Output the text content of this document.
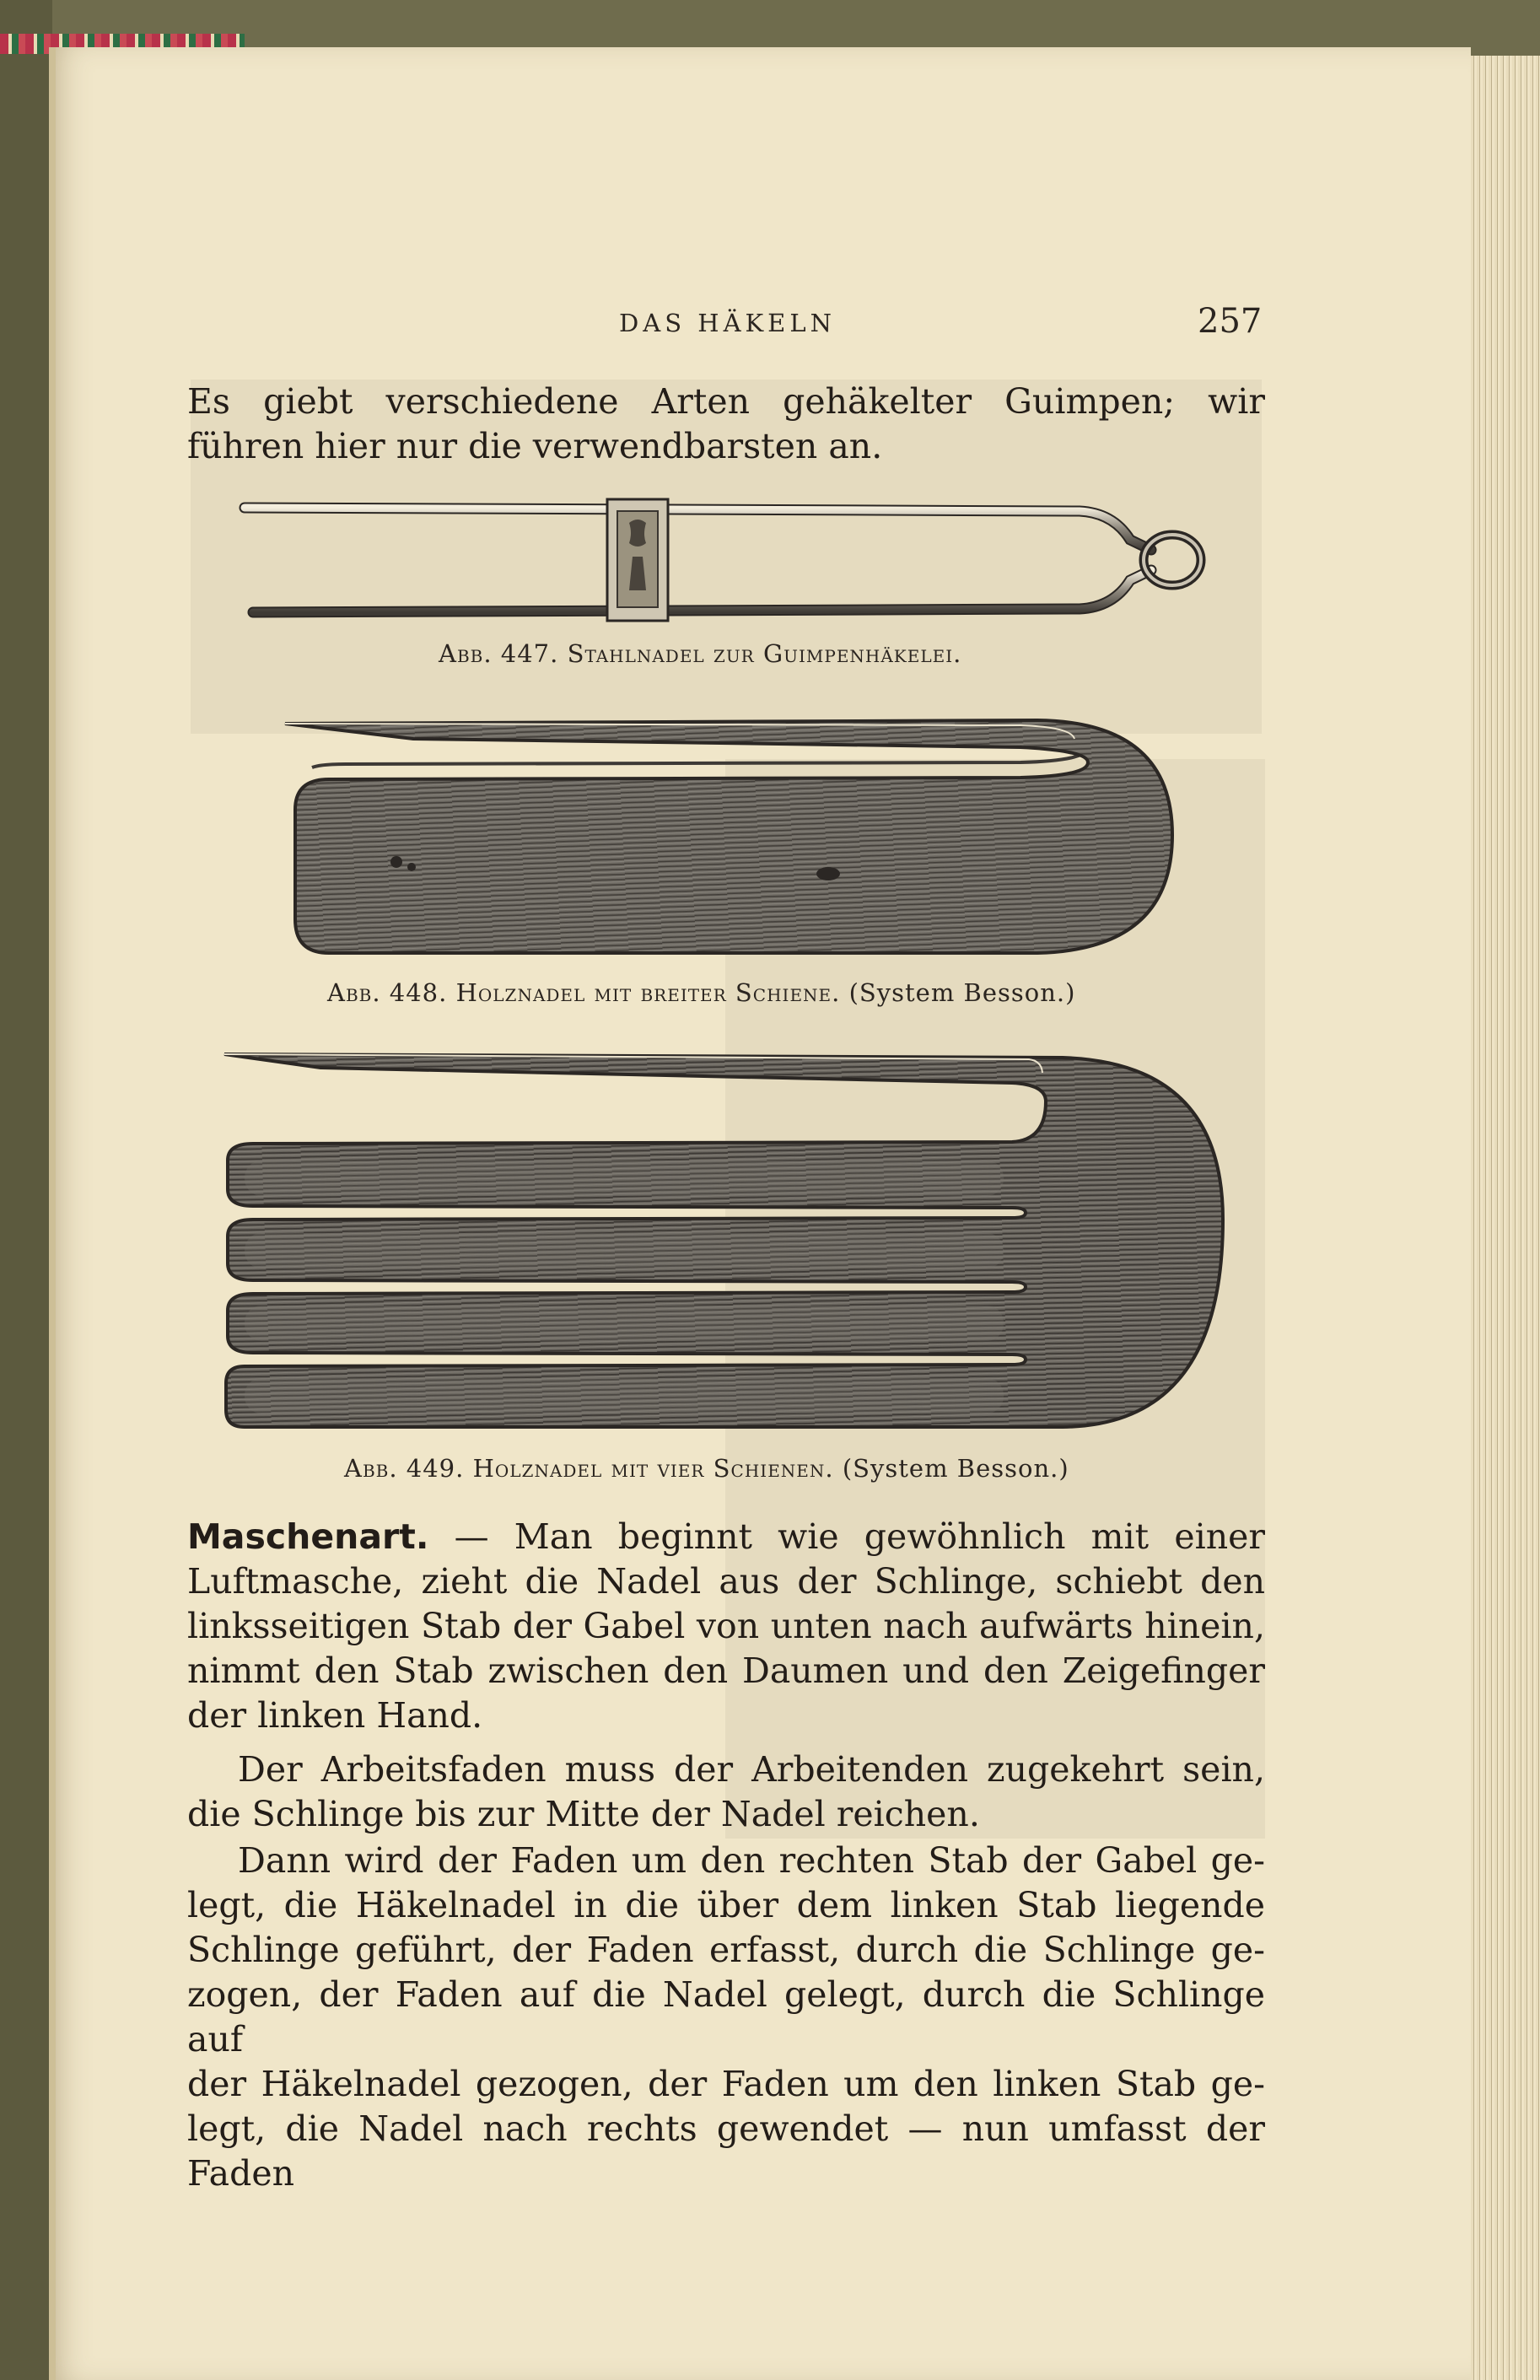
DAS HÄKELN	257
Es giebt verschiedene Arten gehäkelter Guimpen; wir
führen hier nur die verwendbarsten an.
Abb. 447. Stahlnadel zur Guimpenhäkelei.
Abb. 448. Holznadel mit breiter Schiene. (System Besson.)
Abb. 449. Holznadel mit vier Schienen. (System Besson.)
Maschenart. — Man beginnt wie gewöhnlich mit einer
Luftmasche, zieht die Nadel aus der Schlinge, schiebt den
linksseitigen Stab der Gabel von unten nach aufwärts hinein,
nimmt den Stab zwischen den Daumen und den Zeigefinger
der linken Hand.
Der Arbeitsfaden muss der Arbeitenden zugekehrt sein,
die Schlinge bis zur Mitte der Nadel reichen.
Dann wird der Faden um den rechten Stab der Gabel ge-
legt, die Häkelnadel in die über dem linken Stab liegende
Schlinge geführt, der Faden erfasst, durch die Schlinge ge-
zogen, der Faden auf die Nadel gelegt, durch die Schlinge auf
der Häkelnadel gezogen, der Faden um den linken Stab ge-
legt, die Nadel nach rechts gewendet — nun umfasst der Faden
